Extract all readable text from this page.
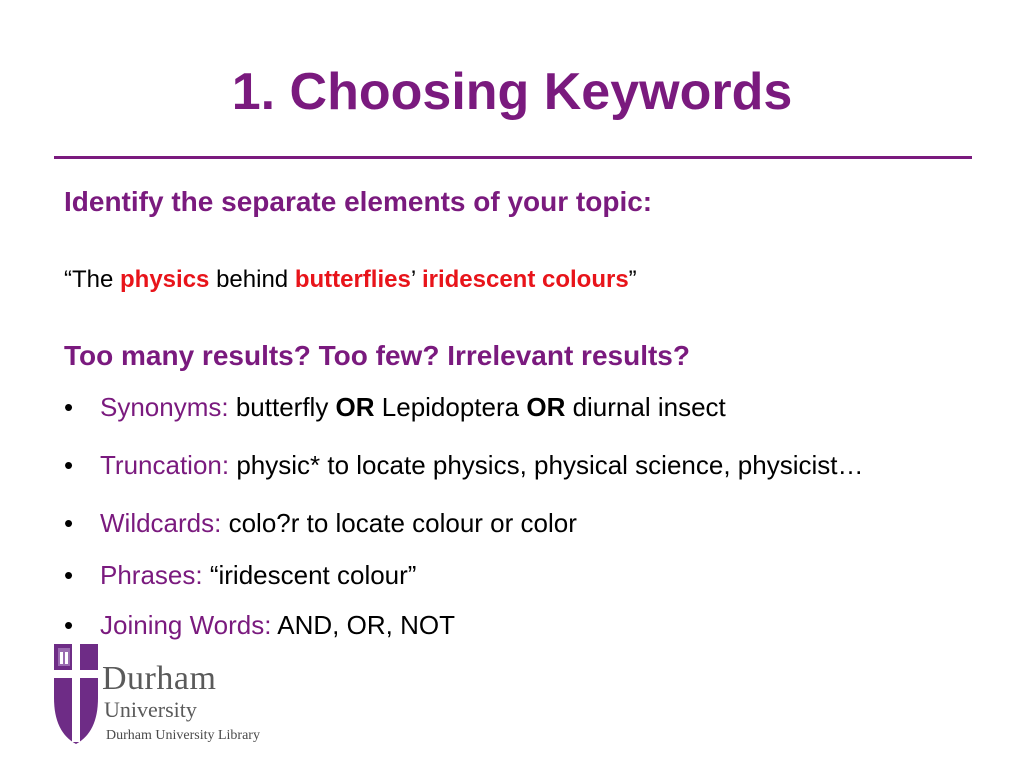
1. Choosing Keywords
Identify the separate elements of your topic:
“The physics behind butterflies’ iridescent colours”
Too many results? Too few? Irrelevant results?
•	Synonyms: butterfly OR Lepidoptera OR diurnal insect
•	Truncation: physic* to locate physics, physical science, physicist…
•	Wildcards: colo?r to locate colour or color
•	Phrases: “iridescent colour”
•	Joining Words: AND, OR, NOT
Durham
University
Durham University Library
